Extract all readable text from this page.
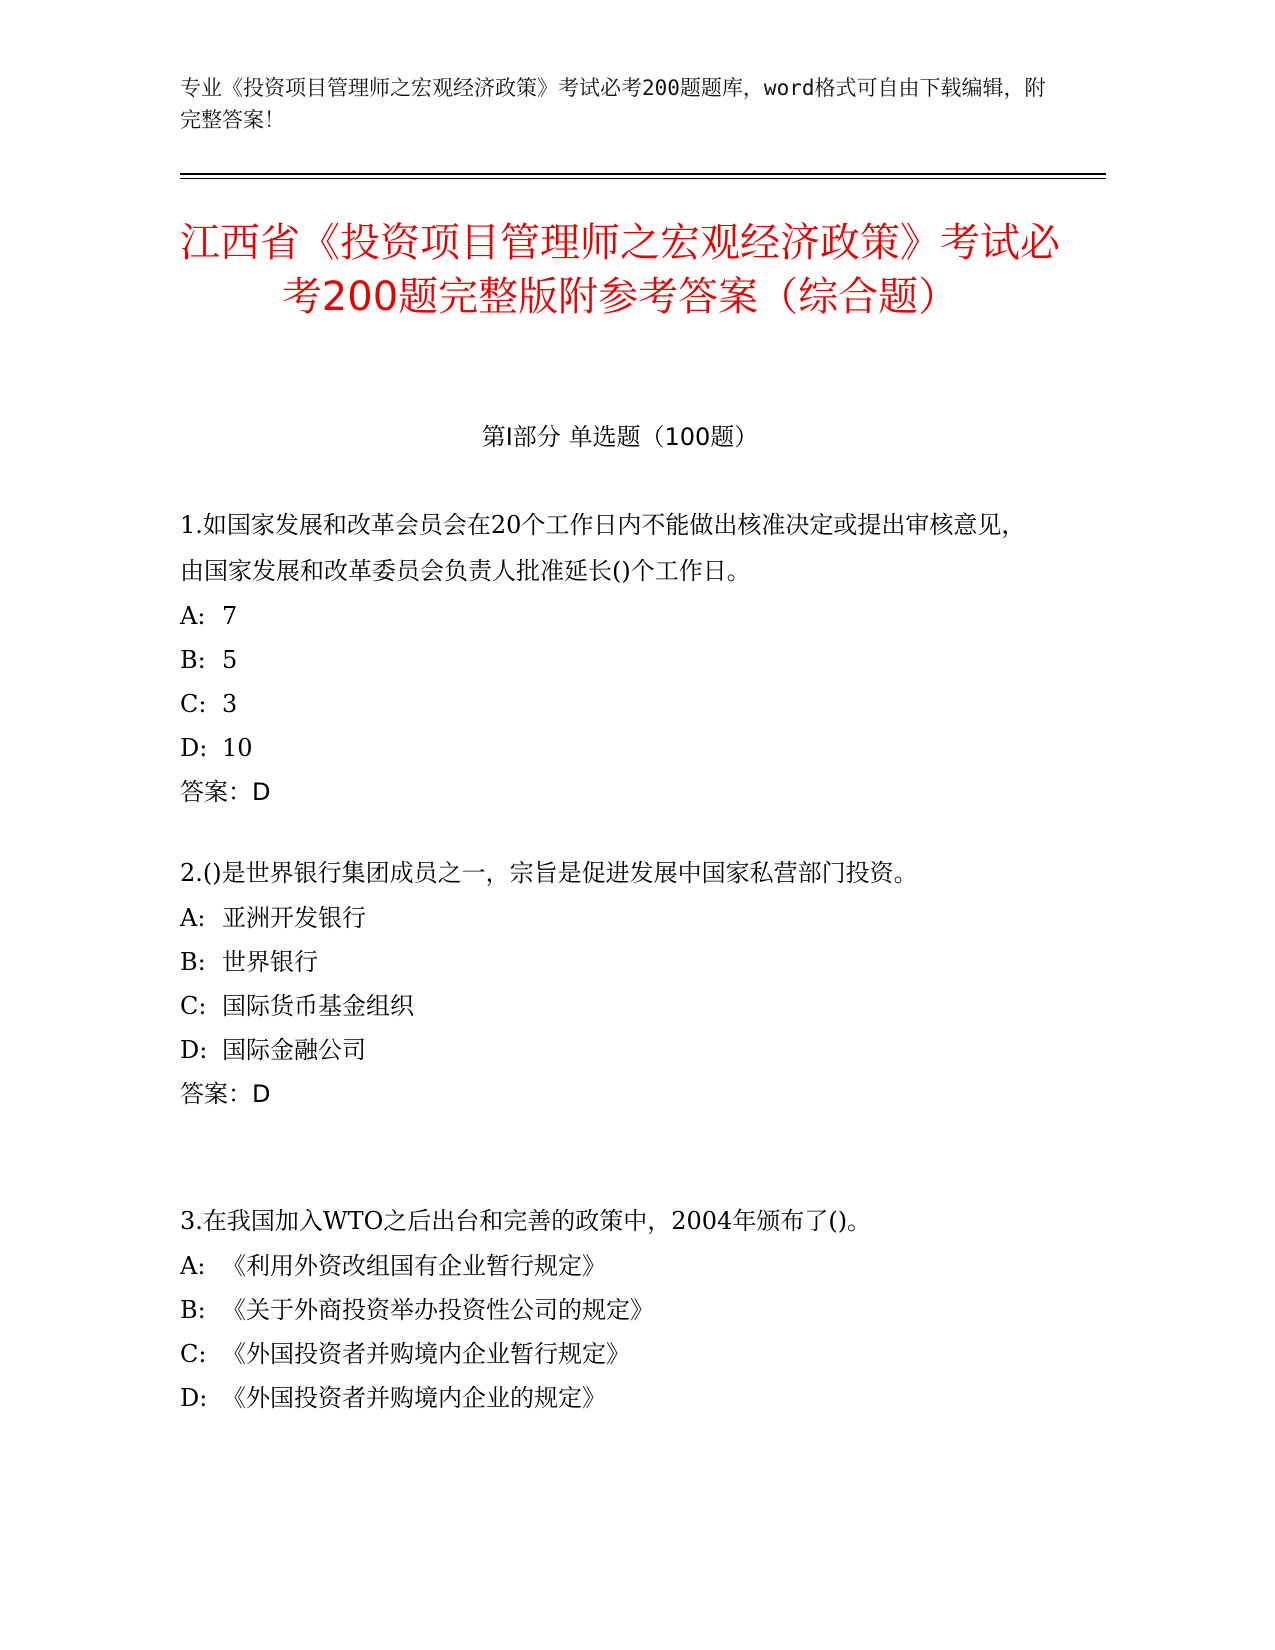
专业《投资项目管理师之宏观经济政策》考试必考200题题库，word格式可自由下载编辑，附完整答案！
江西省《投资项目管理师之宏观经济政策》考试必考200题完整版附参考答案（综合题）
第I部分 单选题（100题）

1.如国家发展和改革会员会在20个工作日内不能做出核准决定或提出审核意见，由国家发展和改革委员会负责人批准延长()个工作日。

A: 7

B: 5

C: 3

D: 10

答案：D

2.()是世界银行集团成员之一，宗旨是促进发展中国家私营部门投资。

A: 亚洲开发银行

B: 世界银行

C: 国际货币基金组织

D: 国际金融公司

答案：D

3.在我国加入WTO之后出台和完善的政策中，2004年颁布了()。

A: 《利用外资改组国有企业暂行规定》

B: 《关于外商投资举办投资性公司的规定》

C: 《外国投资者并购境内企业暂行规定》

D: 《外国投资者并购境内企业的规定》
